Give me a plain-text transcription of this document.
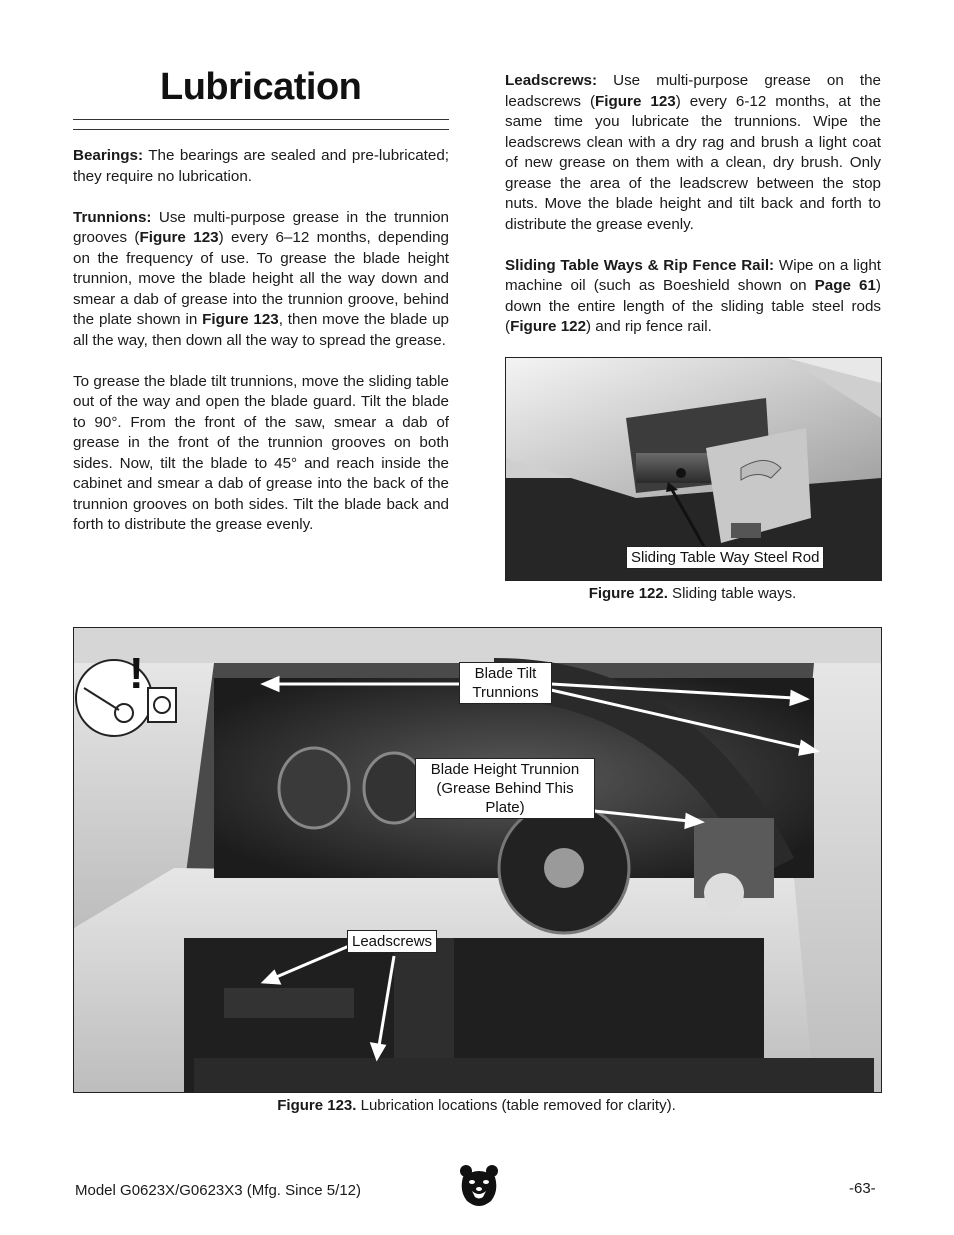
Lubrication

Bearings: The bearings are sealed and pre-lubricated; they require no lubrication.

Trunnions: Use multi-purpose grease in the trunnion grooves (Figure 123) every 6–12 months, depending on the frequency of use. To grease the blade height trunnion, move the blade height all the way down and smear a dab of grease into the trunnion groove, behind the plate shown in Figure 123, then move the blade up all the way, then down all the way to spread the grease.

To grease the blade tilt trunnions, move the sliding table out of the way and open the blade guard. Tilt the blade to 90°. From the front of the saw, smear a dab of grease in the front of the trunnion grooves on both sides. Now, tilt the blade to 45° and reach inside the cabinet and smear a dab of grease into the back of the trunnion grooves on both sides. Tilt the blade back and forth to distribute the grease evenly.

Leadscrews: Use multi-purpose grease on the leadscrews (Figure 123) every 6-12 months, at the same time you lubricate the trunnions. Wipe the leadscrews clean with a dry rag and brush a light coat of new grease on them with a clean, dry brush. Only grease the area of the leadscrew between the stop nuts. Move the blade height and tilt back and forth to distribute the grease evenly.

Sliding Table Ways & Rip Fence Rail: Wipe on a light machine oil (such as Boeshield shown on Page 61) down the entire length of the sliding table steel rods (Figure 122) and rip fence rail.

Sliding Table Way Steel Rod
Figure 122. Sliding table ways.
!	Blade Tilt
Trunnions
Blade Height Trunnion
(Grease Behind This
Plate)
Leadscrews
Figure 123. Lubrication locations (table removed for clarity).
Model G0623X/G0623X3 (Mfg. Since 5/12)	-63-
